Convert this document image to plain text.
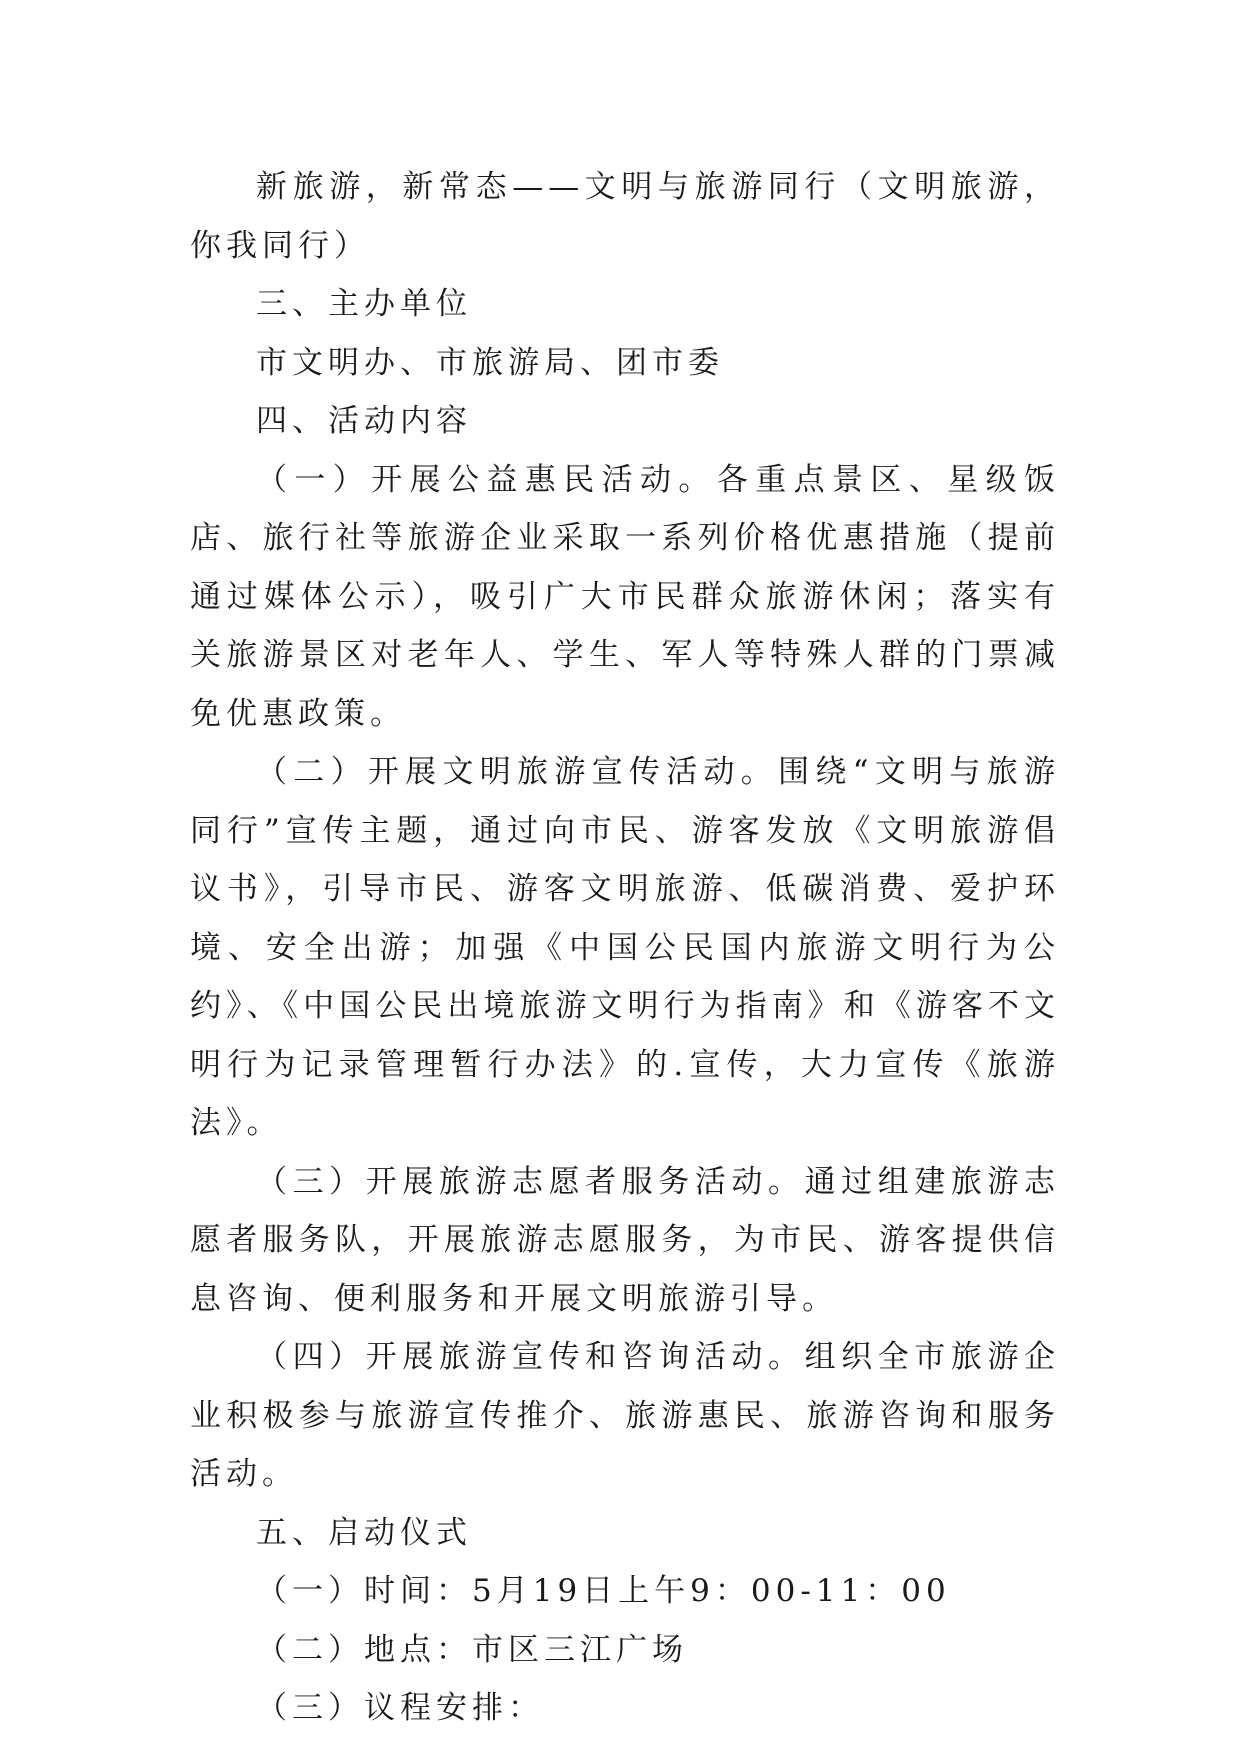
新旅游，新常态——文明与旅游同行（文明旅游，你我同行）

三、主办单位

市文明办、市旅游局、团市委

四、活动内容

（一）开展公益惠民活动。各重点景区、星级饭店、旅行社等旅游企业采取一系列价格优惠措施（提前通过媒体公示），吸引广大市民群众旅游休闲；落实有关旅游景区对老年人、学生、军人等特殊人群的门票减免优惠政策。

（二）开展文明旅游宣传活动。围绕“文明与旅游同行”宣传主题，通过向市民、游客发放《文明旅游倡议书》，引导市民、游客文明旅游、低碳消费、爱护环境、安全出游；加强《中国公民国内旅游文明行为公约》、《中国公民出境旅游文明行为指南》和《游客不文明行为记录管理暂行办法》的.宣传，大力宣传《旅游法》。

（三）开展旅游志愿者服务活动。通过组建旅游志愿者服务队，开展旅游志愿服务，为市民、游客提供信息咨询、便利服务和开展文明旅游引导。

（四）开展旅游宣传和咨询活动。组织全市旅游企业积极参与旅游宣传推介、旅游惠民、旅游咨询和服务活动。

五、启动仪式

（一）时间：5月19日上午9：00-11：00

（二）地点：市区三江广场

（三）议程安排：
